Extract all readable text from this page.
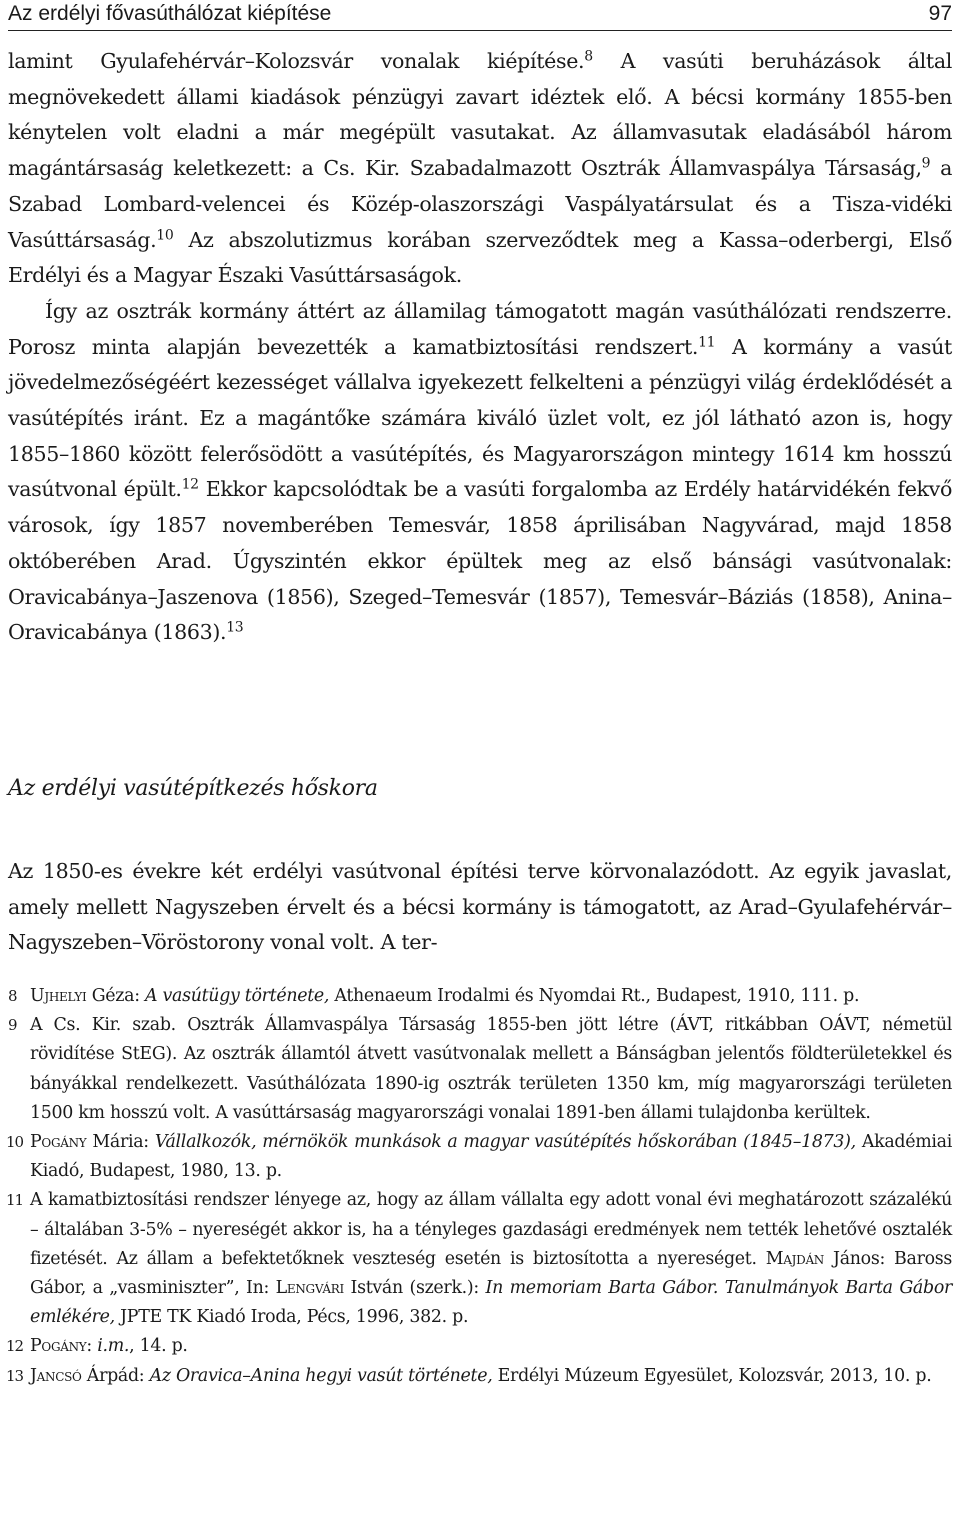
Az erdélyi fővasúthálózat kiépítése	97

lamint Gyulafehérvár–Kolozsvár vonalak kiépítése.$^8$ A vasúti beruházások által megnövekedett állami kiadások pénzügyi zavart idéztek elő. A bécsi kormány 1855-ben kénytelen volt eladni a már megépült vasutakat. Az államvasutak eladásából három magántársaság keletkezett: a Cs. Kir. Szabadalmazott Osztrák Államvaspálya Társaság,$^9$ a Szabad Lombard-velencei és Közép-olaszországi Vaspályatársulat és a Tisza-vidéki Vasúttársaság.$^{10}$ Az abszolutizmus korában szerveződtek meg a Kassa–oderbergi, Első Erdélyi és a Magyar Északi Vasúttársaságok.

Így az osztrák kormány áttért az államilag támogatott magán vasúthálózati rendszerre. Porosz minta alapján bevezették a kamatbiztosítási rendszert.$^{11}$ A kormány a vasút jövedelmezőségéért kezességet vállalva igyekezett felkelteni a pénzügyi világ érdeklődését a vasútépítés iránt. Ez a magántőke számára kiváló üzlet volt, ez jól látható azon is, hogy 1855–1860 között felerősödött a vasútépítés, és Magyarországon mintegy 1614 km hosszú vasútvonal épült.$^{12}$ Ekkor kapcsolódtak be a vasúti forgalomba az Erdély határvidékén fekvő városok, így 1857 novemberében Temesvár, 1858 áprilisában Nagyvárad, majd 1858 októberében Arad. Úgyszintén ekkor épültek meg az első bánsági vasútvonalak: Oravicabánya–Jaszenova (1856), Szeged–Temesvár (1857), Temesvár–Báziás (1858), Anina–Oravicabánya (1863).$^{13}$

Az erdélyi vasútépítkezés hőskora

Az 1850-es évekre két erdélyi vasútvonal építési terve körvonalazódott. Az egyik javaslat, amely mellett Nagyszeben érvelt és a bécsi kormány is támogatott, az Arad–Gyulafehérvár–Nagyszeben–Vöröstorony vonal volt. A ter-

8 Ujhelyi Géza: A vasútügy története, Athenaeum Irodalmi és Nyomdai Rt., Budapest, 1910, 111. p.
9 A Cs. Kir. szab. Osztrák Államvaspálya Társaság 1855-ben jött létre (ÁVT, ritkábban OÁVT, németül rövidítése StEG). Az osztrák államtól átvett vasútvonalak mellett a Bánságban jelentős földterületekkel és bányákkal rendelkezett. Vasúthálózata 1890-ig osztrák területen 1350 km, míg magyarországi területen 1500 km hosszú volt. A vasúttársaság magyarországi vonalai 1891-ben állami tulajdonba kerültek.
10 Pogány Mária: Vállalkozók, mérnökök munkások a magyar vasútépítés hőskorában (1845–1873), Akadémiai Kiadó, Budapest, 1980, 13. p.
11 A kamatbiztosítási rendszer lényege az, hogy az állam vállalta egy adott vonal évi meghatározott százalékú – általában 3-5% – nyereségét akkor is, ha a tényleges gazdasági eredmények nem tették lehetővé osztalék fizetését. Az állam a befektetőknek veszteség esetén is biztosította a nyereséget. Majdán János: Baross Gábor, a „vasminiszter”, In: Lengvári István (szerk.): In memoriam Barta Gábor. Tanulmányok Barta Gábor emlékére, JPTE TK Kiadó Iroda, Pécs, 1996, 382. p.
12 Pogány: i.m., 14. p.
13 Jancsó Árpád: Az Oravica–Anina hegyi vasút története, Erdélyi Múzeum Egyesület, Kolozsvár, 2013, 10. p.
